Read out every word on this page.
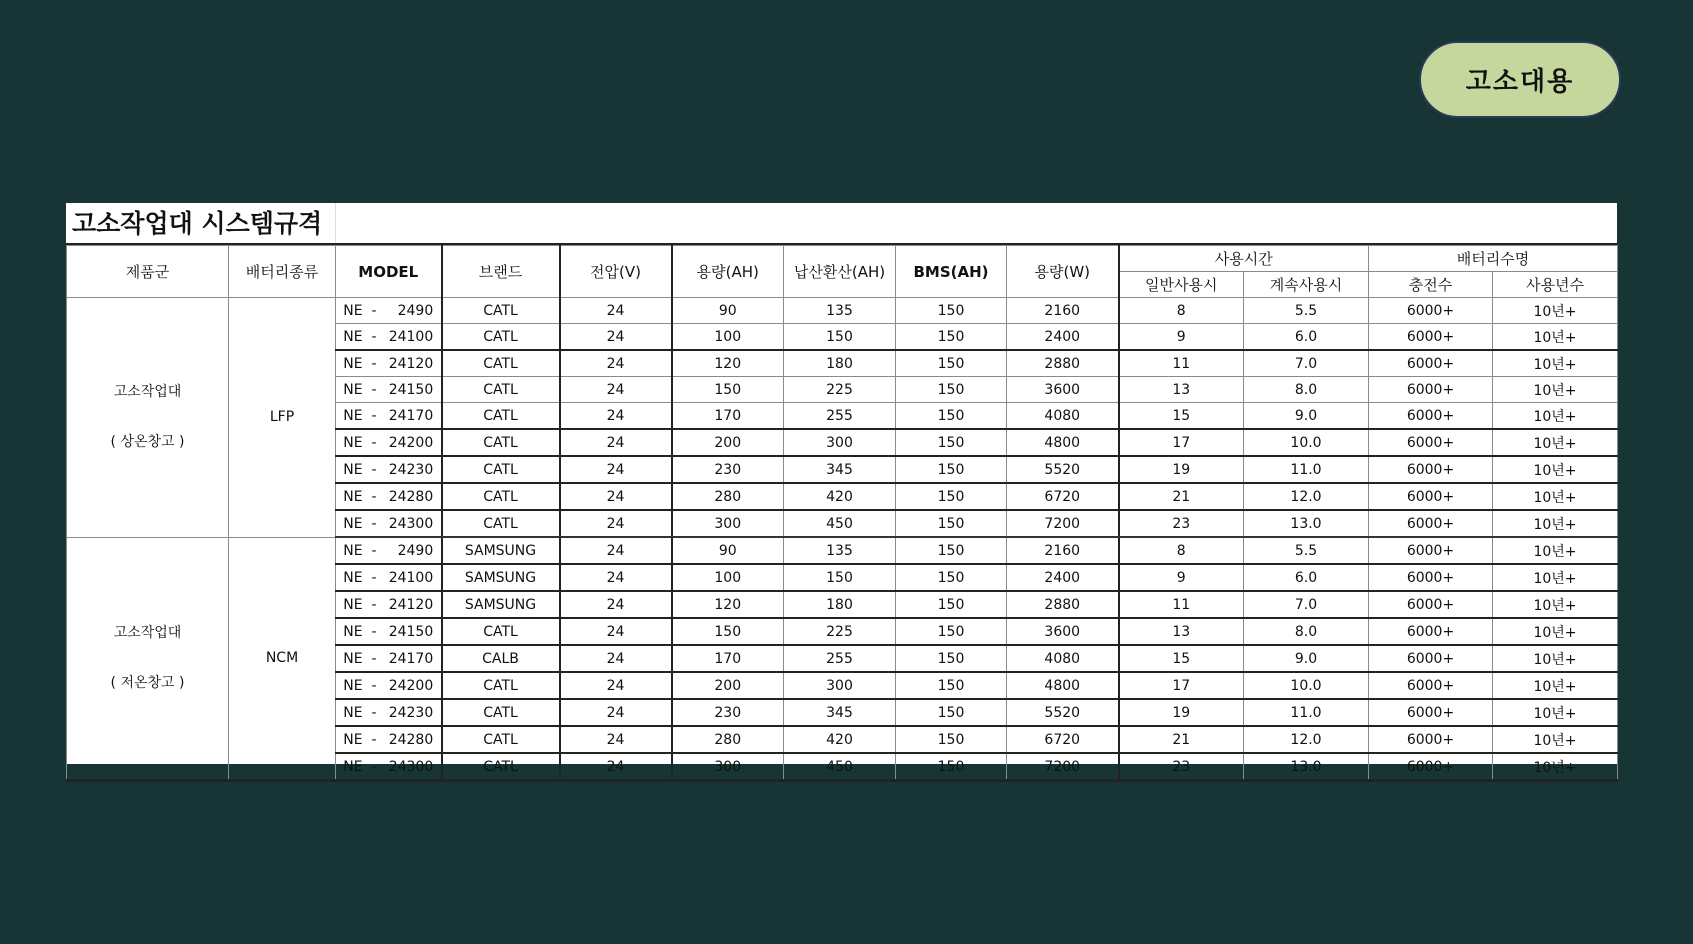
고소대용
고소작업대 시스템규격
제품군	배터리종류	MODEL	브랜드	전압(V)	용량(AH)	납산환산(AH)	BMS(AH)	용량(W)	사용시간		배터리수명	
									일반사용시	계속사용시	충전수	사용년수
고소작업대
( 상온창고 )	LFP	NE  - 2490	CATL	24	90	135	150	2160	8	5.5	6000+	10년+
		NE  - 24100	CATL	24	100	150	150	2400	9	6.0	6000+	10년+
		NE  - 24120	CATL	24	120	180	150	2880	11	7.0	6000+	10년+
		NE  - 24150	CATL	24	150	225	150	3600	13	8.0	6000+	10년+
		NE  - 24170	CATL	24	170	255	150	4080	15	9.0	6000+	10년+
		NE  - 24200	CATL	24	200	300	150	4800	17	10.0	6000+	10년+
		NE  - 24230	CATL	24	230	345	150	5520	19	11.0	6000+	10년+
		NE  - 24280	CATL	24	280	420	150	6720	21	12.0	6000+	10년+
		NE  - 24300	CATL	24	300	450	150	7200	23	13.0	6000+	10년+
고소작업대
( 저온창고 )	NCM	NE  - 2490	SAMSUNG	24	90	135	150	2160	8	5.5	6000+	10년+
		NE  - 24100	SAMSUNG	24	100	150	150	2400	9	6.0	6000+	10년+
		NE  - 24120	SAMSUNG	24	120	180	150	2880	11	7.0	6000+	10년+
		NE  - 24150	CATL	24	150	225	150	3600	13	8.0	6000+	10년+
		NE  - 24170	CALB	24	170	255	150	4080	15	9.0	6000+	10년+
		NE  - 24200	CATL	24	200	300	150	4800	17	10.0	6000+	10년+
		NE  - 24230	CATL	24	230	345	150	5520	19	11.0	6000+	10년+
		NE  - 24280	CATL	24	280	420	150	6720	21	12.0	6000+	10년+
		NE  - 24300	CATL	24	300	450	150	7200	23	13.0	6000+	10년+
